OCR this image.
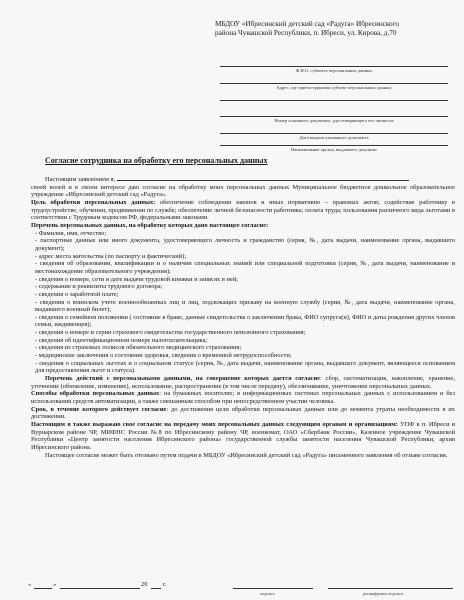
МБДОУ «Ибресинский детский сад «Радуга» Ибресинского
района Чувашской Республики, п. Ибреси, ул. Кирова, д.70
Ф.И.О. субъекта персональных данных
Адрес, где зарегистрирован субъект персональных данных
Номер основного документа, удостоверяющего его личность
Дата выдачи указанного документа
Наименование органа, выдавшего документ
Согласие сотрудника на обработку его персональных данных

Настоящим заявлением я,

своей волей и в своем интересе даю согласие на обработку моих персональных данных Муниципальное бюджетное дошкольное образовательное учреждение «Ибресинский детский сад «Радуга».

Цель обработки персональных данных: обеспечение соблюдения законов и иных нормативно – правовых актов; содействие работнику в трудоустройстве, обучении, продвижении по службе; обеспечение личной безопасности работника; оплата труда; пользования различного вида льготами в соответствии с Трудовым кодексом РФ, федеральными законами.

Перечень персональных данных, на обработку которых дано настоящее согласие:

- Фамилия, имя, отчество;

- паспортные данные или иного документа, удостоверяющего личность и гражданство (серия, №, дата выдачи, наименование органа, выдавшего документ);

- адрес места жительства (по паспорту и фактический);

- сведения об образовании, квалификации и о наличии специальных знаний или специальной подготовки (серия, №, дата выдачи, наименование и местонахождение образовательного учреждения);

- сведения о номере, сети и дате выдачи трудовой книжки и записях в ней;

- содержание и реквизиты трудового договора;

- сведения о заработной плате;

- сведения о воинском учете военнообязанных лиц и лиц, подлежащих призыву на военную службу (серия, №, дата выдачи, наименование органа, выдавшего военный билет);

- сведения о семейном положении ( состояние в браке, данные свидетельства о заключении брака, ФИО супруга(и), ФИО и даты рождения других членов семьи, иждивенцев);

- сведения о номере и серии страхового свидетельства государственного пенсионного страхования;

- сведения об идентификационном номере налогоплательщика;

- сведения из страховых полисов обязательного медицинского страхования;

- медицинские заключения о состоянии здоровья, сведения о временной нетрудоспособности;

- сведения о социальных льготах и о социальном статусе (серия, №, дата выдачи, наименование органа, выдавшего документ, являющееся основанием для предоставления льгот и статуса).

Перечень действий с персональными данными, на совершение которых дается согласие: сбор, систематизация, накопление, хранение, уточнение (обновление, изменение), использование, распространение (в том числе передачу), обезличивание, уничтожение персональных данных.

Способы обработки персональных данных: на бумажных носителях; в информационных системах персональных данных с использованием и без использования средств автоматизации, а также смешанным способом при непосредственном участии человека.

Срок, в течение которого действует согласие: до достижения цели обработки персональных данных или до момента утраты необходимости в их достижении.

Настоящим я также выражаю свое согласие на передачу моих персональных данных следующим органам и организациям: УПФ в п. Ибреси и Вурнарском районе ЧР, МИФНС России №8 по Ибресинскому району ЧР, военкомат, ОАО «Сбербанк России», Казенное учреждение Чувашской Республики «Центр занятости населения Ибресинского района» государственной службы занятости населения Чувашской Республики, архив Ибресинского района.

Настоящее согласие может быть отозвано путем подачи в МБДОУ «Ибресинский детский сад «Радуга» письменного заявления об отзыве согласия.

«	»	20 г.
подпись	расшифровка подписи
